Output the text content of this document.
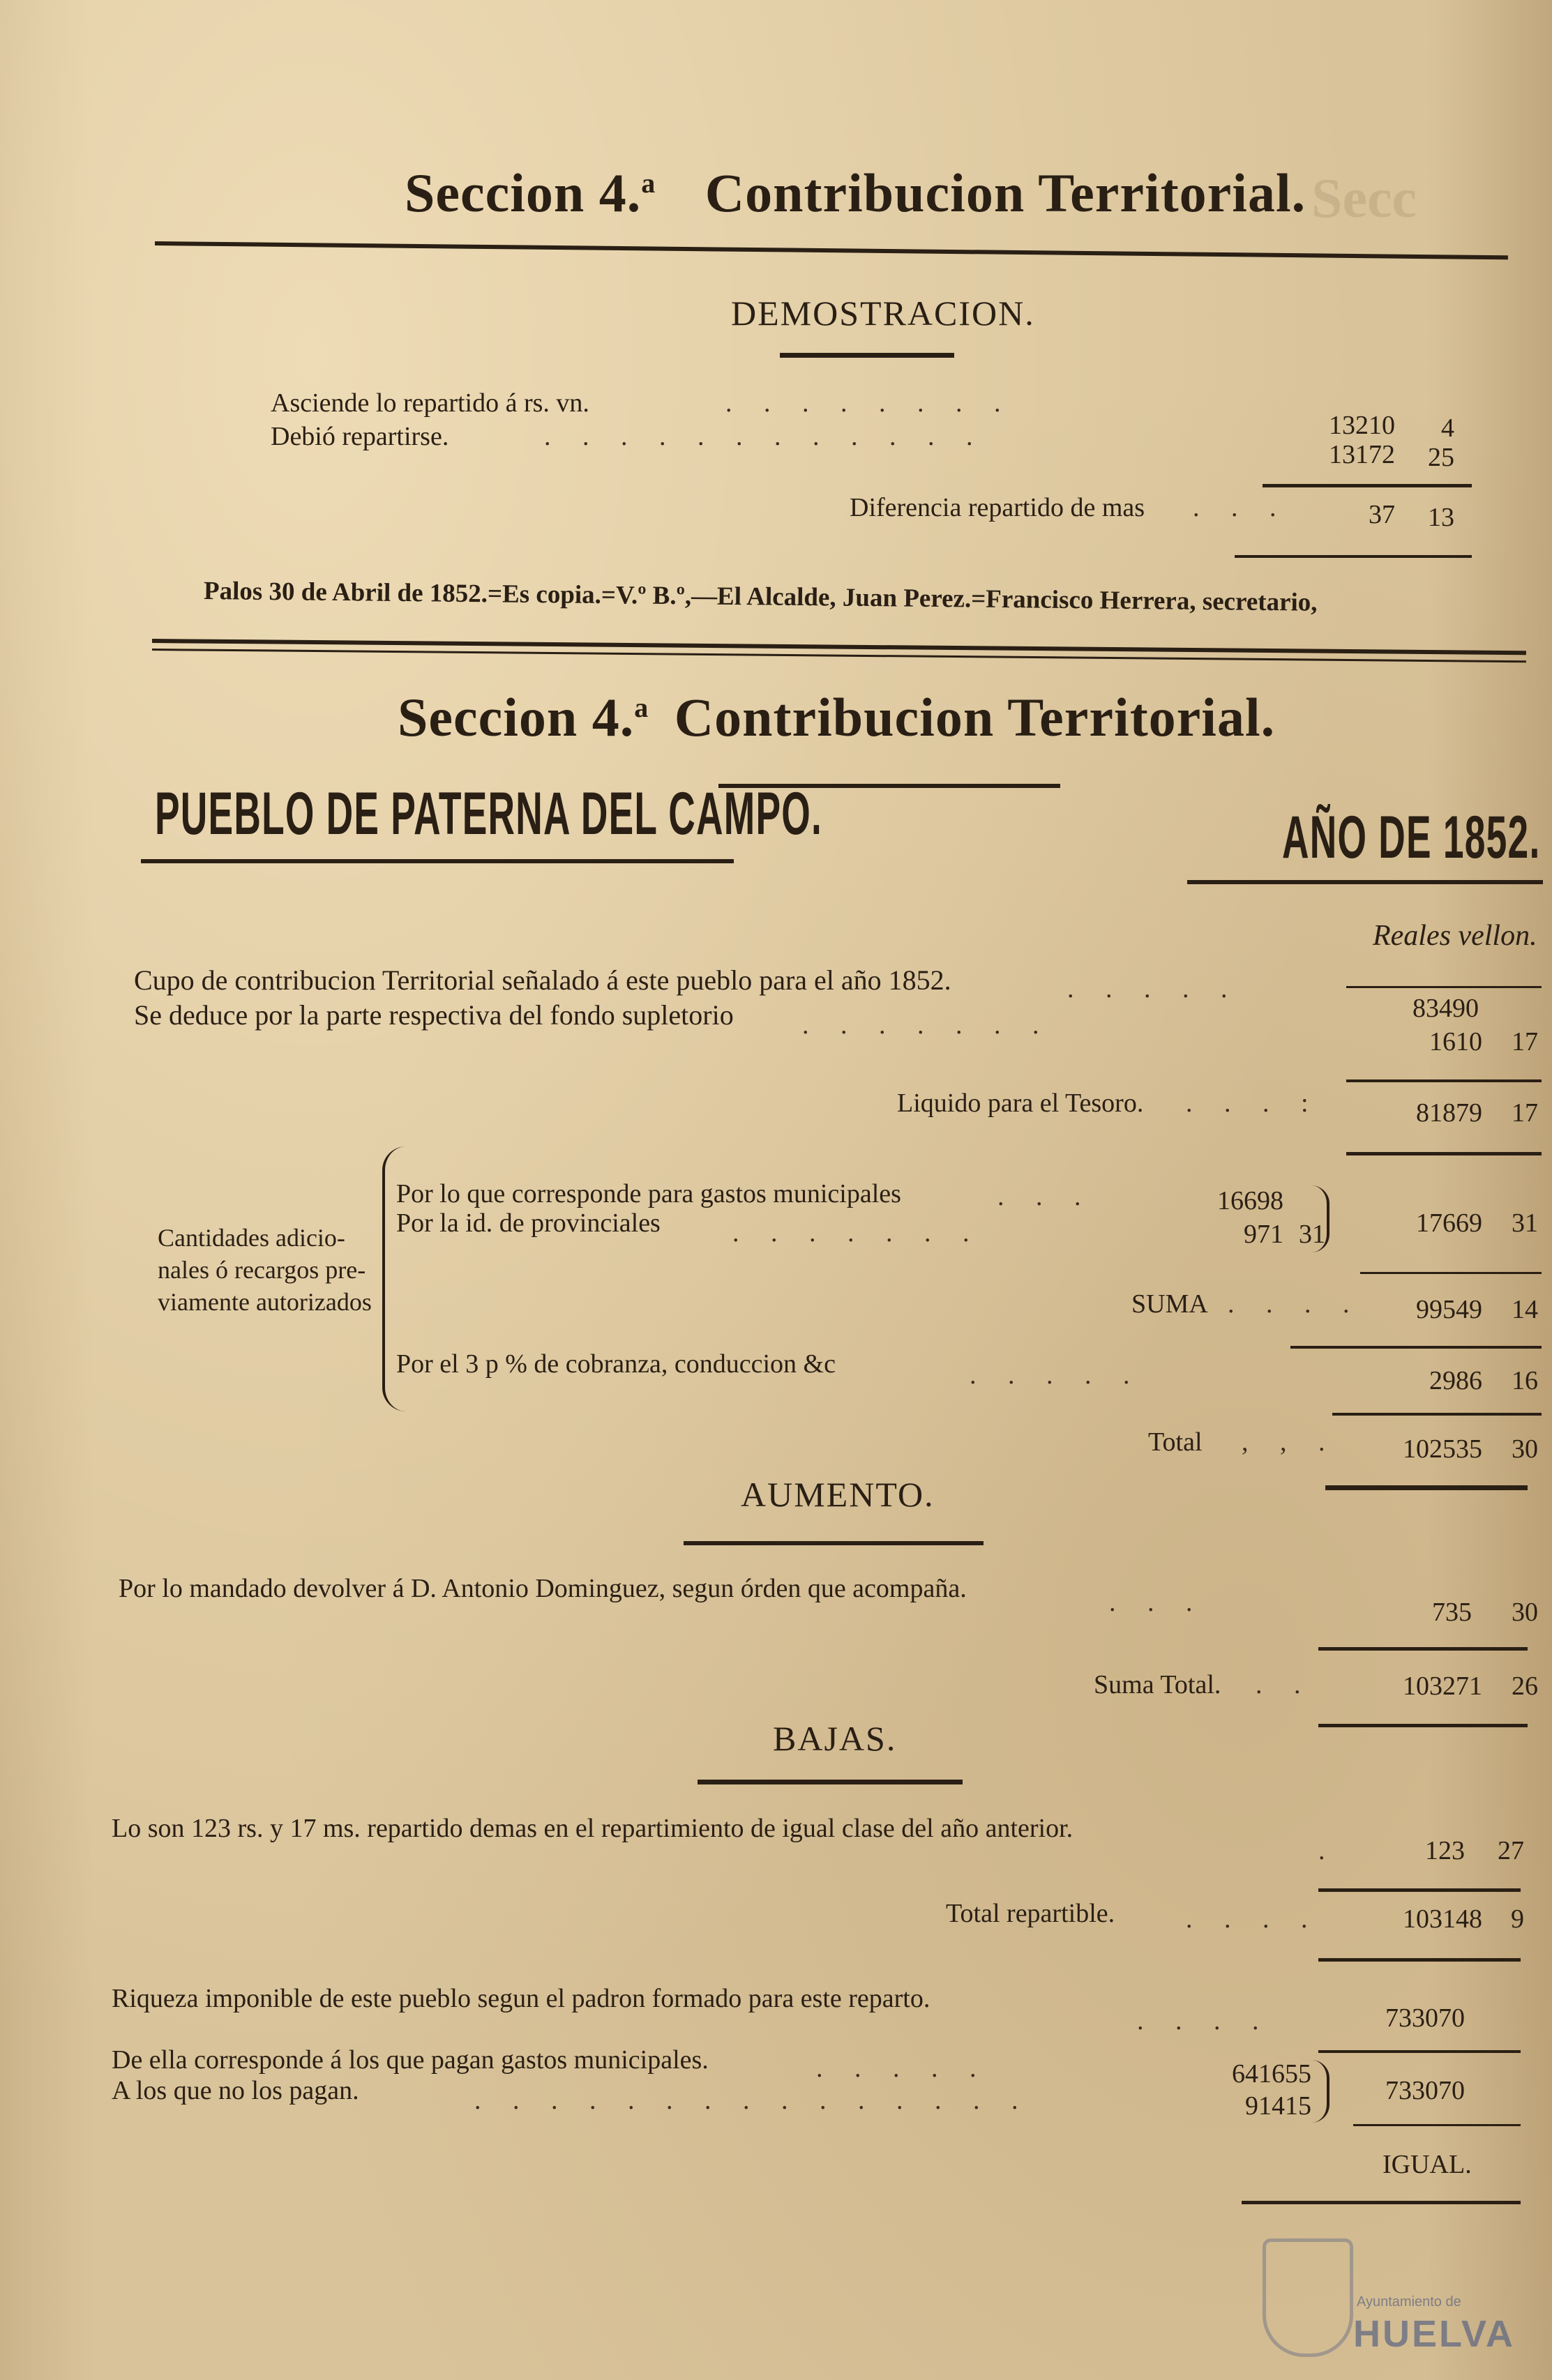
Secc
Seccion 4.$^a$ Contribucion Territorial.
DEMOSTRACION.
Asciende lo repartido á rs. vn.	. . . . . . . .
13210	4
Debió repartirse.	. . . . . . . . . . . .
13172	25
Diferencia repartido de mas . . .	37	13
Palos 30 de Abril de 1852.=Es copia.=V.º B.º,—El Alcalde, Juan Perez.=Francisco Herrera, secretario,
Seccion 4.$^a$ Contribucion Territorial.
PUEBLO DE PATERNA DEL CAMPO.	AÑO DE 1852.
Reales vellon.
Cupo de contribucion Territorial señalado á este pueblo para el año 1852.	. . . . .
83490
Se deduce por la parte respectiva del fondo supletorio	. . . . . . .
1610	17
Liquido para el Tesoro. . . . :	81879	17
Cantidades adicio-
nales ó recargos pre-
viamente autorizados
Por lo que corresponde para gastos municipales	. . .	16698
Por la id. de provinciales	. . . . . . .	971 31	17669	31
SUMA . . . .	99549	14
Por el 3 p % de cobranza, conduccion &c	. . . . .	2986	16
Total , , .	102535	30
AUMENTO.
Por lo mandado devolver á D. Antonio Dominguez, segun órden que acompaña.	. . .	735	30
Suma Total. . .	103271	26
BAJAS.
Lo son 123 rs. y 17 ms. repartido demas en el repartimiento de igual clase del año anterior.
.	123	27
Total repartible.	. . . .	103148	9
Riqueza imponible de este pueblo segun el padron formado para este reparto.
. . . .	733070
De ella corresponde á los que pagan gastos municipales.	. . . . .	641655
A los que no los pagan.	. . . . . . . . . . . . . . .	91415
733070
IGUAL.
Ayuntamiento de
HUELVA
